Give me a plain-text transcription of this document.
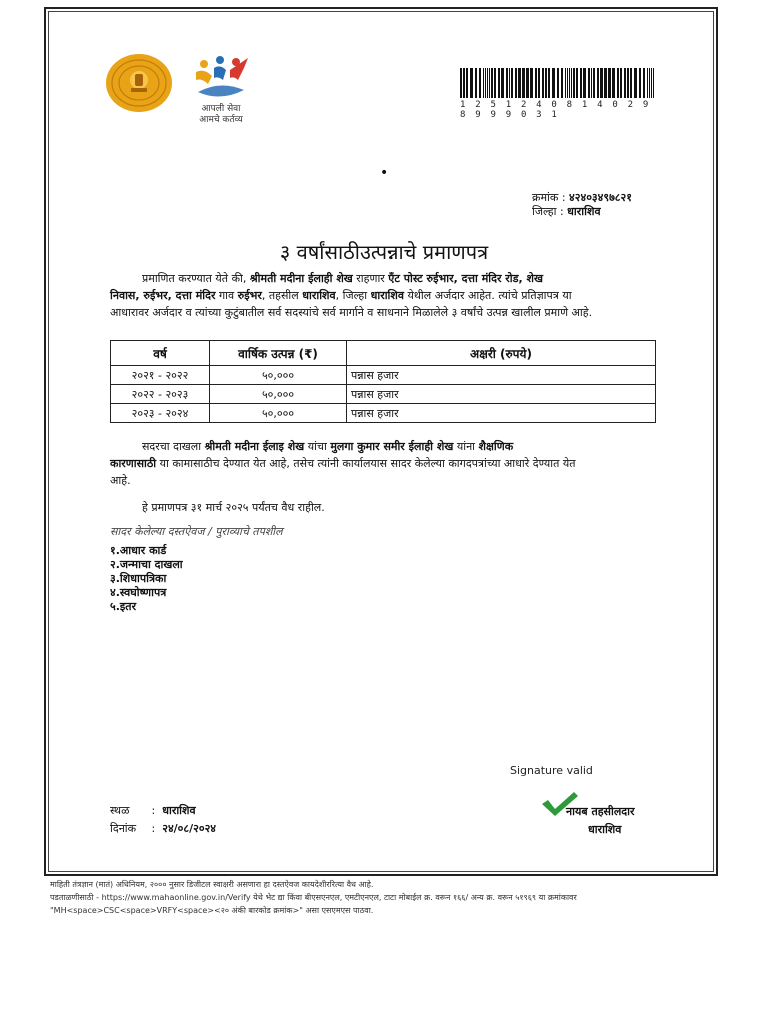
आपली सेवा
आमचे कर्तव्य
1 2 5 1 2 4 0 8 1 4 0 2 9 8 9 9 9 0 3 1
•
क्रमांक : ४२४०३४९७८२१
जिल्हा : धाराशिव
३ वर्षांसाठीउत्पन्नाचे प्रमाणपत्र
प्रमाणित करण्यात येते की, श्रीमती मदीना ईलाही शेख राहणार ऍंट पोस्ट रुईभार, दत्ता मंदिर रोड, शेख
निवास, रुईभर, दत्ता मंदिर गाव रुईभर, तहसील धाराशिव, जिल्हा धाराशिव येथील अर्जदार आहेत. त्यांचे प्रतिज्ञापत्र या
आधारावर अर्जदार व त्यांच्या कुटुंबातील सर्व सदस्यांचे सर्व मार्गाने व साधनाने मिळालेले ३ वर्षांचे उत्पन्न खालील प्रमाणे आहे.
वर्ष	वार्षिक उत्पन्न (₹)	अक्षरी (रुपये)
२०२१ - २०२२	५०,०००	पन्नास हजार
२०२२ - २०२३	५०,०००	पन्नास हजार
२०२३ - २०२४	५०,०००	पन्नास हजार
सदरचा दाखला श्रीमती मदीना ईलाइ शेख यांचा मुलगा कुमार समीर ईलाही शेख यांना शैक्षणिक
कारणासाठी या कामासाठीच देण्यात येत आहे, तसेच त्यांनी कार्यालयास सादर केलेल्या कागदपत्रांच्या आधारे देण्यात येत
आहे.
हे प्रमाणपत्र ३१ मार्च २०२५ पर्यंतच वैध राहील.
सादर केलेल्या दस्तऐवज / पुराव्याचे तपशील
१.आधार कार्ड
२.जन्माचा दाखला
३.शिधापत्रिका
४.स्वघोष्णापत्र
५.इतर
Signature valid
नायब तहसीलदार
धाराशिव
स्थळ : धाराशिव
दिनांक : २४/०८/२०२४
माहिती तंत्रज्ञान (मा‍तं) अधिनियम, २००० नुसार डिजीटल स्वाक्षरी असणारा हा दस्तऐवज कायदेशीररित्या वैध आहे.
पडताळणीसाठी - https://www.mahaonline.gov.in/Verify येथे भेट द्या किंवा बीएसएनएल, एमटीएनएल, टाटा मोबाईल क्र. वरून १६६/ अन्य क्र. वरून ५१९६९ या क्रमांकावर
"MH<space>CSC<space>VRFY<space><२० अंकी बारकोड क्रमांक>" असा एसएमएस पाठवा.
